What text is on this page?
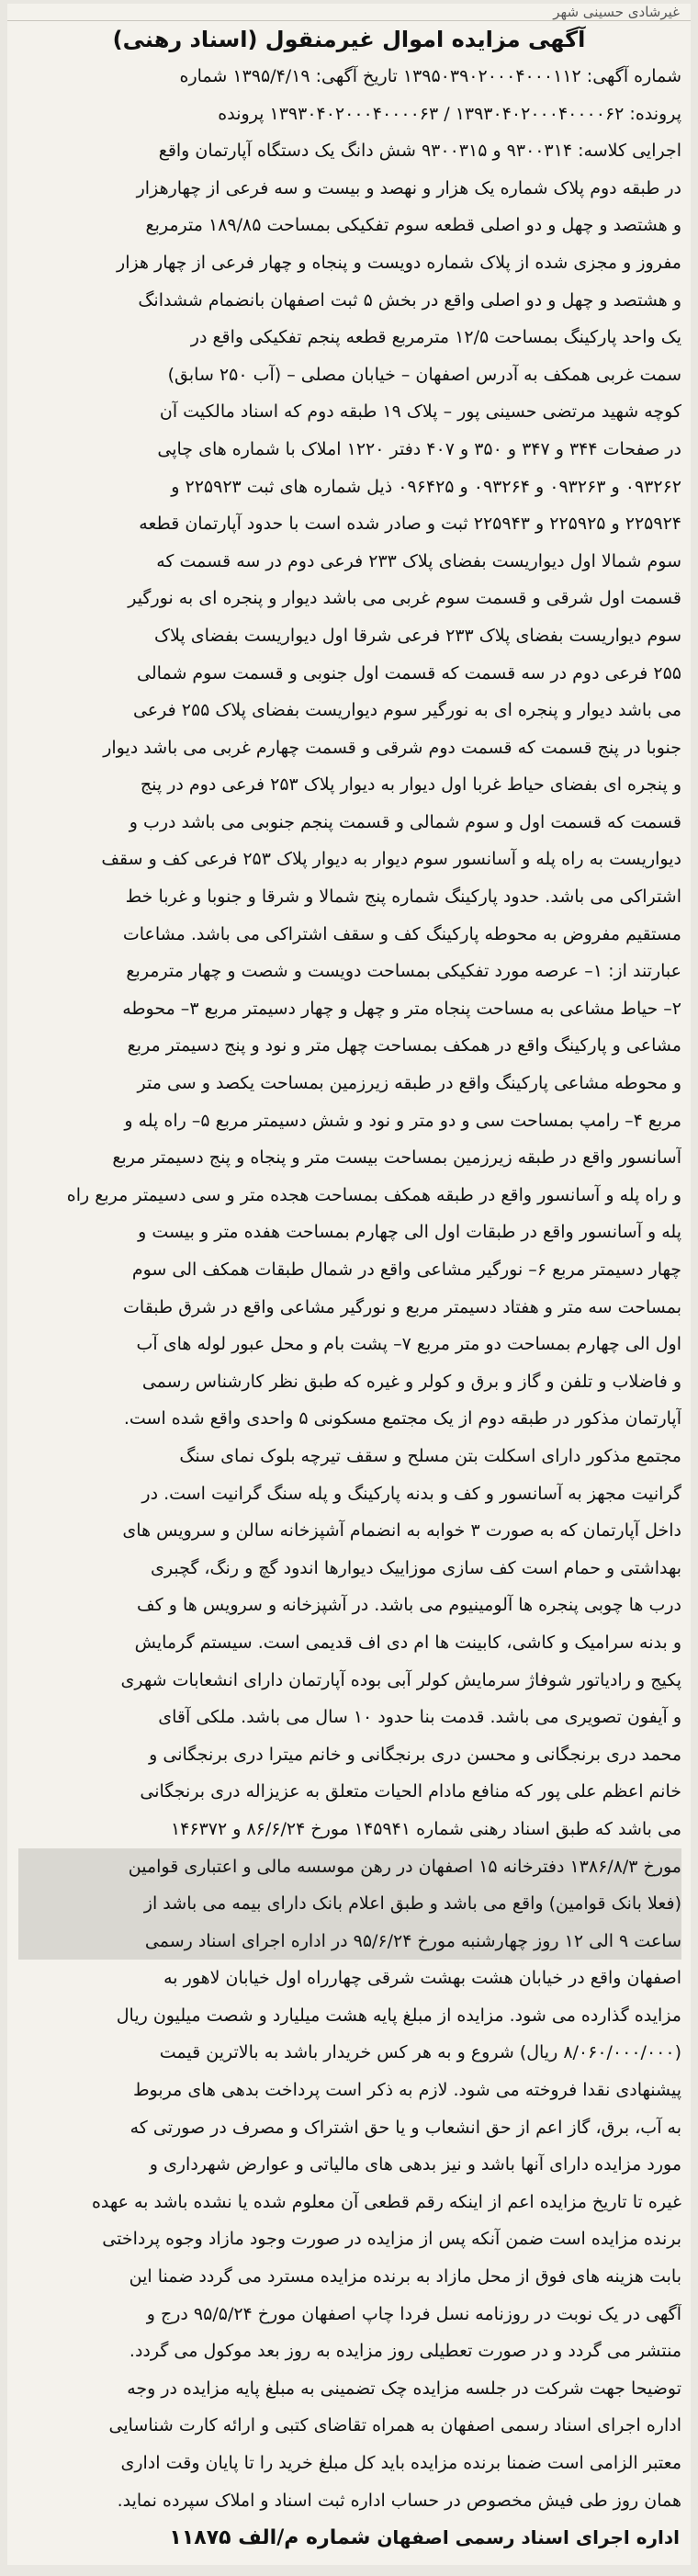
غیرشادی حسینی شهر
آگهی مزایده اموال غیرمنقول (اسناد رهنی)
شماره آگهی: ۱۳۹۵۰۳۹۰۲۰۰۰۴۰۰۰۱۱۲ تاریخ آگهی: ۱۳۹۵/۴/۱۹ شماره
پرونده: ۱۳۹۳۰۴۰۲۰۰۰۴۰۰۰۰۶۲ / ۱۳۹۳۰۴۰۲۰۰۰۴۰۰۰۰۶۳ پرونده
اجرایی کلاسه: ۹۳۰۰۳۱۴ و ۹۳۰۰۳۱۵ شش دانگ یک دستگاه آپارتمان واقع
در طبقه دوم پلاک شماره یک هزار و نهصد و بیست و سه فرعی از چهارهزار
و هشتصد و چهل و دو اصلی قطعه سوم تفکیکی بمساحت ۱۸۹/۸۵ مترمربع
مفروز و مجزی شده از پلاک شماره دویست و پنجاه و چهار فرعی از چهار هزار
و هشتصد و چهل و دو اصلی واقع در بخش ۵ ثبت اصفهان بانضمام ششدانگ
یک واحد پارکینگ بمساحت ۱۲/۵ مترمربع قطعه پنجم تفکیکی واقع در
سمت غربی همکف به آدرس اصفهان – خیابان مصلی – (آب ۲۵۰ سابق)
کوچه شهید مرتضی حسینی پور – پلاک ۱۹ طبقه دوم که اسناد مالکیت آن
در صفحات ۳۴۴ و ۳۴۷ و ۳۵۰ و ۴۰۷ دفتر ۱۲۲۰ املاک با شماره های چاپی
۰۹۳۲۶۲ و ۰۹۳۲۶۳ و ۰۹۳۲۶۴ و ۰۹۶۴۲۵ ذیل شماره های ثبت ۲۲۵۹۲۳ و
۲۲۵۹۲۴ و ۲۲۵۹۲۵ و ۲۲۵۹۴۳ ثبت و صادر شده است با حدود آپارتمان قطعه
سوم شمالا اول دیواریست بفضای پلاک ۲۳۳ فرعی دوم در سه قسمت که
قسمت اول شرقی و قسمت سوم غربی می باشد دیوار و پنجره ای به نورگیر
سوم دیواریست بفضای پلاک ۲۳۳ فرعی شرقا اول دیواریست بفضای پلاک
۲۵۵ فرعی دوم در سه قسمت که قسمت اول جنوبی و قسمت سوم شمالی
می باشد دیوار و پنجره ای به نورگیر سوم دیواریست بفضای پلاک ۲۵۵ فرعی
جنوبا در پنج قسمت که قسمت دوم شرقی و قسمت چهارم غربی می باشد دیوار
و پنجره ای بفضای حیاط غربا اول دیوار به دیوار پلاک ۲۵۳ فرعی دوم در پنج
قسمت که قسمت اول و سوم شمالی و قسمت پنجم جنوبی می باشد درب و
دیواریست به راه پله و آسانسور سوم دیوار به دیوار پلاک ۲۵۳ فرعی کف و سقف
اشتراکی می باشد. حدود پارکینگ شماره پنج شمالا و شرقا و جنوبا و غربا خط
مستقیم مفروض به محوطه پارکینگ کف و سقف اشتراکی می باشد. مشاعات
عبارتند از: ۱– عرصه مورد تفکیکی بمساحت دویست و شصت و چهار مترمربع
۲– حیاط مشاعی به مساحت پنجاه متر و چهل و چهار دسیمتر مربع ۳– محوطه
مشاعی و پارکینگ واقع در همکف بمساحت چهل متر و نود و پنج دسیمتر مربع
و محوطه مشاعی پارکینگ واقع در طبقه زیرزمین بمساحت یکصد و سی متر
مربع ۴– رامپ بمساحت سی و دو متر و نود و شش دسیمتر مربع ۵– راه پله و
آسانسور واقع در طبقه زیرزمین بمساحت بیست متر و پنجاه و پنج دسیمتر مربع
و راه پله و آسانسور واقع در طبقه همکف بمساحت هجده متر و سی دسیمتر مربع راه
پله و آسانسور واقع در طبقات اول الی چهارم بمساحت هفده متر و بیست و
چهار دسیمتر مربع ۶– نورگیر مشاعی واقع در شمال طبقات همکف الی سوم
بمساحت سه متر و هفتاد دسیمتر مربع و نورگیر مشاعی واقع در شرق طبقات
اول الی چهارم بمساحت دو متر مربع ۷– پشت بام و محل عبور لوله های آب
و فاضلاب و تلفن و گاز و برق و کولر و غیره که طبق نظر کارشناس رسمی
آپارتمان مذکور در طبقه دوم از یک مجتمع مسکونی ۵ واحدی واقع شده است.
مجتمع مذکور دارای اسکلت بتن مسلح و سقف تیرچه بلوک نمای سنگ
گرانیت مجهز به آسانسور و کف و بدنه پارکینگ و پله سنگ گرانیت است. در
داخل آپارتمان که به صورت ۳ خوابه به انضمام آشپزخانه سالن و سرویس های
بهداشتی و حمام است کف سازی موزاییک دیوارها اندود گچ و رنگ، گچبری
درب ها چوبی پنجره ها آلومینیوم می باشد. در آشپزخانه و سرویس ها و کف
و بدنه سرامیک و کاشی، کابینت ها ام دی اف قدیمی است. سیستم گرمایش
پکیج و رادیاتور شوفاژ سرمایش کولر آبی بوده آپارتمان دارای انشعابات شهری
و آیفون تصویری می باشد. قدمت بنا حدود ۱۰ سال می باشد. ملکی آقای
محمد دری برنجگانی و محسن دری برنجگانی و خانم میترا دری برنجگانی و
خانم اعظم علی پور که منافع مادام الحیات متعلق به عزیزاله دری برنجگانی
می باشد که طبق اسناد رهنی شماره ۱۴۵۹۴۱ مورخ ۸۶/۶/۲۴ و ۱۴۶۳۷۲
مورخ ۱۳۸۶/۸/۳ دفترخانه ۱۵ اصفهان در رهن موسسه مالی و اعتباری قوامین
(فعلا بانک قوامین) واقع می باشد و طبق اعلام بانک دارای بیمه می باشد از
ساعت ۹ الی ۱۲ روز چهارشنبه مورخ ۹۵/۶/۲۴ در اداره اجرای اسناد رسمی
اصفهان واقع در خیابان هشت بهشت شرقی چهارراه اول خیابان لاهور به
مزایده گذارده می شود. مزایده از مبلغ پایه هشت میلیارد و شصت میلیون ریال
(۸/۰۶۰/۰۰۰/۰۰۰ ریال) شروع و به هر کس خریدار باشد به بالاترین قیمت
پیشنهادی نقدا فروخته می شود. لازم به ذکر است پرداخت بدهی های مربوط
به آب، برق، گاز اعم از حق انشعاب و یا حق اشتراک و مصرف در صورتی که
مورد مزایده دارای آنها باشد و نیز بدهی های مالیاتی و عوارض شهرداری و
غیره تا تاریخ مزایده اعم از اینکه رقم قطعی آن معلوم شده یا نشده باشد به عهده
برنده مزایده است ضمن آنکه پس از مزایده در صورت وجود مازاد وجوه پرداختی
بابت هزینه های فوق از محل مازاد به برنده مزایده مسترد می گردد ضمنا این
آگهی در یک نوبت در روزنامه نسل فردا چاپ اصفهان مورخ ۹۵/۵/۲۴ درج و
منتشر می گردد و در صورت تعطیلی روز مزایده به روز بعد موکول می گردد.
توضیحا جهت شرکت در جلسه مزایده چک تضمینی به مبلغ پایه مزایده در وجه
اداره اجرای اسناد رسمی اصفهان به همراه تقاضای کتبی و ارائه کارت شناسایی
معتبر الزامی است ضمنا برنده مزایده باید کل مبلغ خرید را تا پایان وقت اداری
همان روز طی فیش مخصوص در حساب اداره ثبت اسناد و املاک سپرده نماید.
اداره اجرای اسناد رسمی اصفهان شماره م/الف ۱۱۸۷۵
